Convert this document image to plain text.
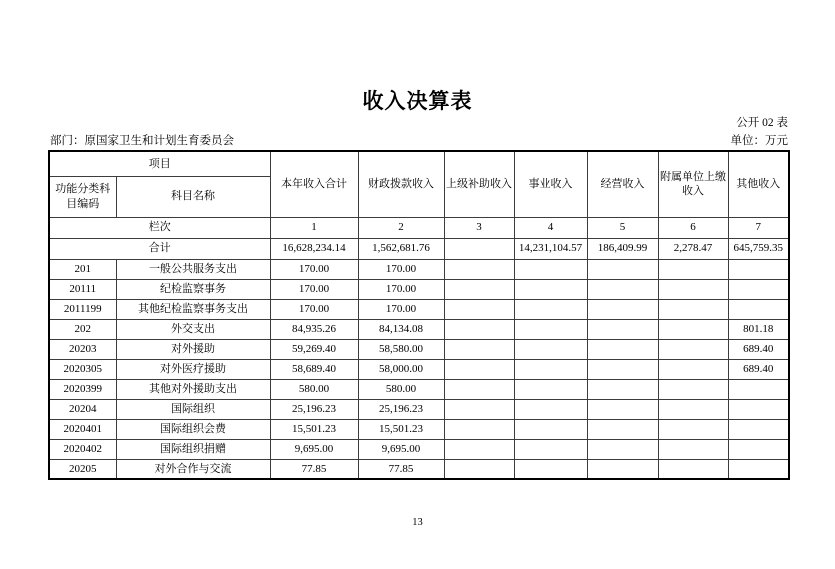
收入决算表
公开 02 表
部门：原国家卫生和计划生育委员会	单位：万元
项目		本年收入合计	财政拨款收入	上级补助收入	事业收入	经营收入	附属单位上缴收入	其他收入
功能分类科目编码	科目名称							
栏次		1	2	3	4	5	6	7
合计		16,628,234.14	1,562,681.76		14,231,104.57	186,409.99	2,278.47	645,759.35
201	一般公共服务支出	170.00	170.00					
20111	纪检监察事务	170.00	170.00					
2011199	其他纪检监察事务支出	170.00	170.00					
202	外交支出	84,935.26	84,134.08					801.18
20203	对外援助	59,269.40	58,580.00					689.40
2020305	对外医疗援助	58,689.40	58,000.00					689.40
2020399	其他对外援助支出	580.00	580.00					
20204	国际组织	25,196.23	25,196.23					
2020401	国际组织会费	15,501.23	15,501.23					
2020402	国际组织捐赠	9,695.00	9,695.00					
20205	对外合作与交流	77.85	77.85					
13
